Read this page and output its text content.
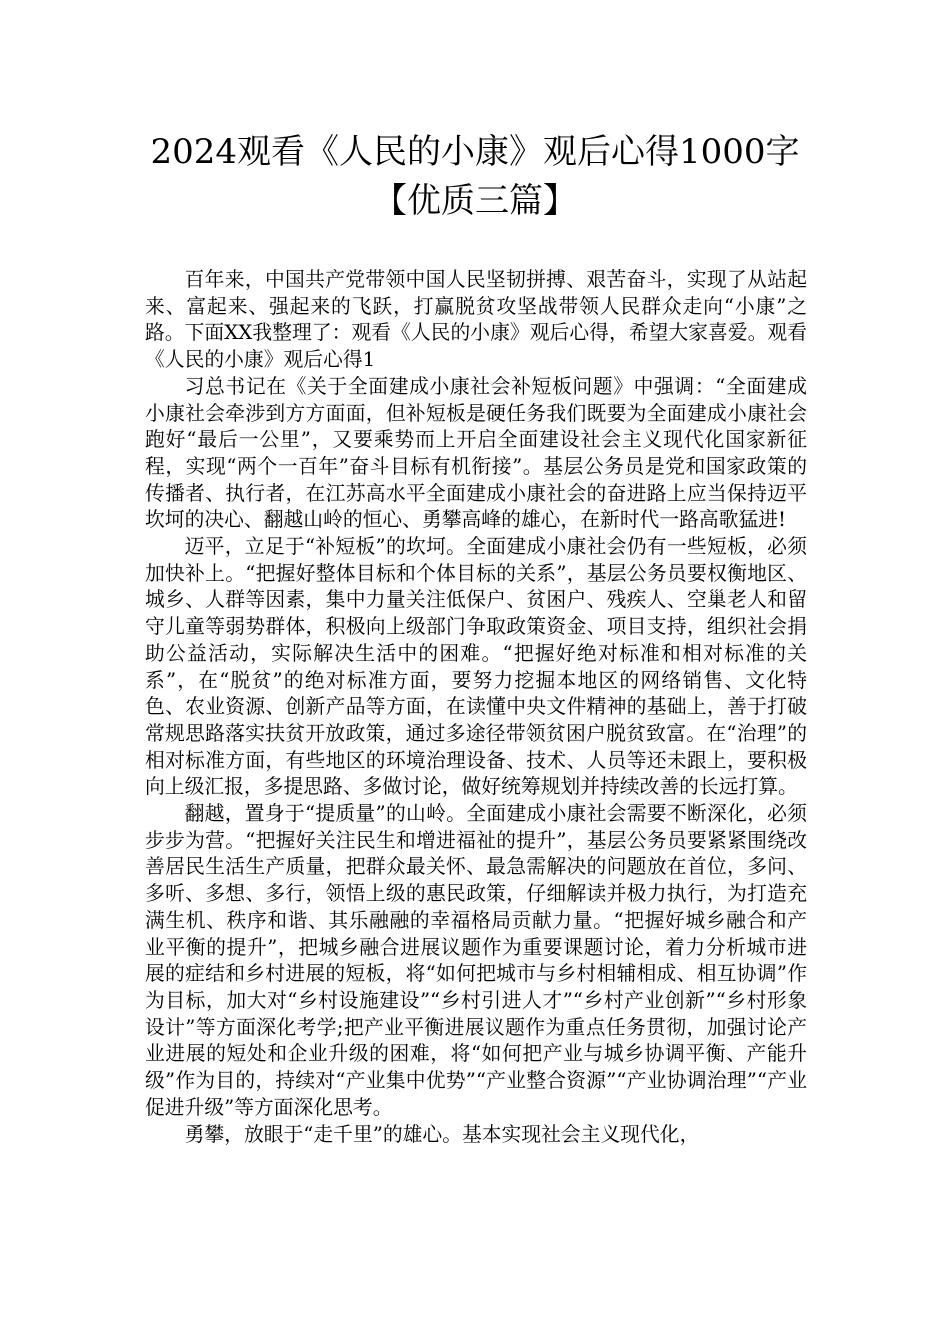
2024观看《人民的小康》观后心得1000字
【优质三篇】

百年来，中国共产党带领中国人民坚韧拼搏、艰苦奋斗，实现了从站起来、富起来、强起来的飞跃，打赢脱贫攻坚战带领人民群众走向“小康”之路。下面XX我整理了：观看《人民的小康》观后心得，希望大家喜爱。观看《人民的小康》观后心得1

习总书记在《关于全面建成小康社会补短板问题》中强调：“全面建成小康社会牵涉到方方面面，但补短板是硬任务我们既要为全面建成小康社会跑好“最后一公里”，又要乘势而上开启全面建设社会主义现代化国家新征程，实现“两个一百年”奋斗目标有机衔接”。基层公务员是党和国家政策的传播者、执行者，在江苏高水平全面建成小康社会的奋进路上应当保持迈平坎坷的决心、翻越山岭的恒心、勇攀高峰的雄心，在新时代一路高歌猛进!

迈平，立足于“补短板”的坎坷。全面建成小康社会仍有一些短板，必须加快补上。“把握好整体目标和个体目标的关系”，基层公务员要权衡地区、城乡、人群等因素，集中力量关注低保户、贫困户、残疾人、空巢老人和留守儿童等弱势群体，积极向上级部门争取政策资金、项目支持，组织社会捐助公益活动，实际解决生活中的困难。“把握好绝对标准和相对标准的关系”，在“脱贫”的绝对标准方面，要努力挖掘本地区的网络销售、文化特色、农业资源、创新产品等方面，在读懂中央文件精神的基础上，善于打破常规思路落实扶贫开放政策，通过多途径带领贫困户脱贫致富。在“治理”的相对标准方面，有些地区的环境治理设备、技术、人员等还未跟上，要积极向上级汇报，多提思路、多做讨论，做好统筹规划并持续改善的长远打算。

翻越，置身于“提质量”的山岭。全面建成小康社会需要不断深化，必须步步为营。“把握好关注民生和增进福祉的提升”，基层公务员要紧紧围绕改善居民生活生产质量，把群众最关怀、最急需解决的问题放在首位，多问、多听、多想、多行，领悟上级的惠民政策，仔细解读并极力执行，为打造充满生机、秩序和谐、其乐融融的幸福格局贡献力量。“把握好城乡融合和产业平衡的提升”，把城乡融合进展议题作为重要课题讨论，着力分析城市进展的症结和乡村进展的短板，将“如何把城市与乡村相辅相成、相互协调”作为目标，加大对“乡村设施建设”“乡村引进人才”“乡村产业创新”“乡村形象设计”等方面深化考学;把产业平衡进展议题作为重点任务贯彻，加强讨论产业进展的短处和企业升级的困难，将“如何把产业与城乡协调平衡、产能升级”作为目的，持续对“产业集中优势”“产业整合资源”“产业协调治理”“产业促进升级”等方面深化思考。

勇攀，放眼于“走千里”的雄心。基本实现社会主义现代化，
